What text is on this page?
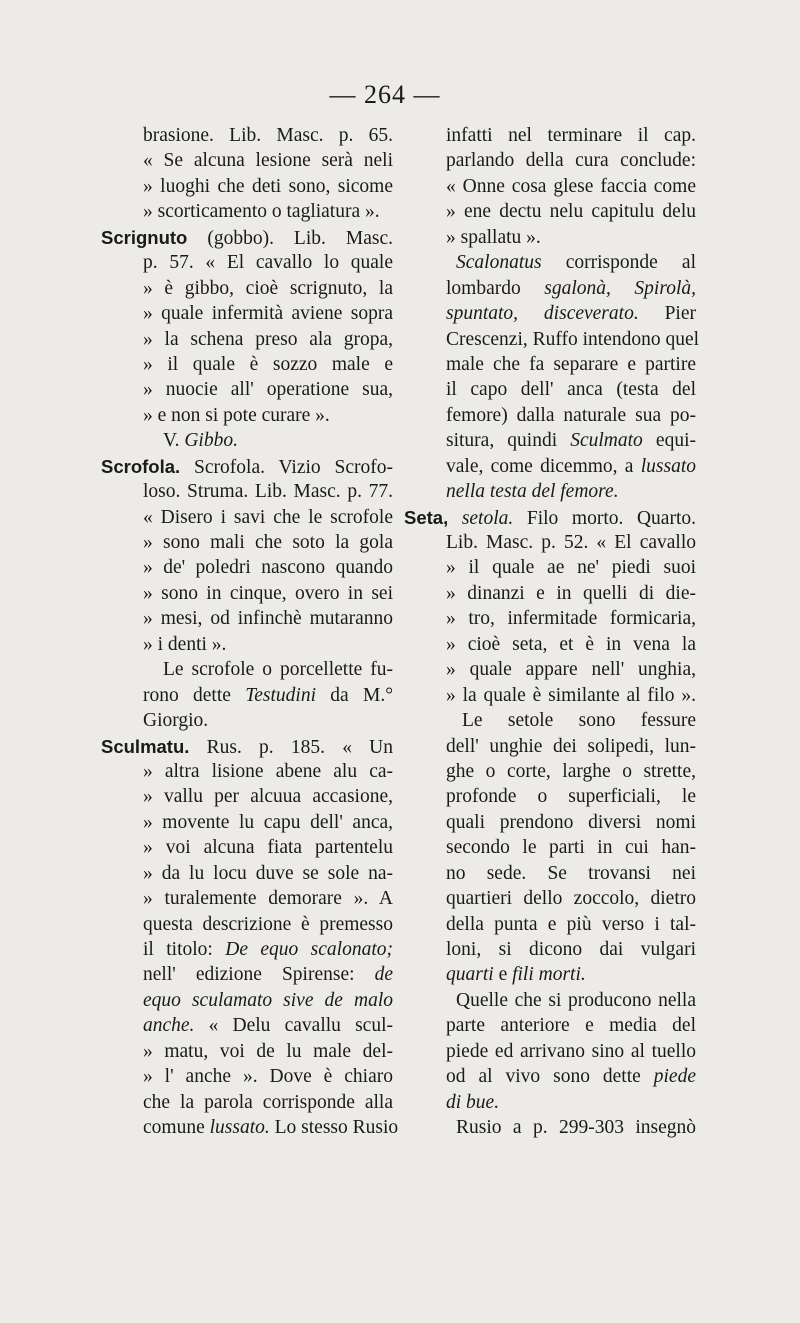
— 264 —
brasione. Lib. Masc. p. 65.
« Se alcuna lesione serà neli
» luoghi che deti sono, sicome
» scorticamento o tagliatura ».
Scrignuto (gobbo). Lib. Masc.
p. 57. « El cavallo lo quale
» è gibbo, cioè scrignuto, la
» quale infermità aviene sopra
» la schena preso ala gropa,
» il quale è sozzo male e
» nuocie all' operatione sua,
» e non si pote curare ».
V. Gibbo.
Scrofola. Scrofola. Vizio Scrofo-
loso. Struma. Lib. Masc. p. 77.
« Disero i savi che le scrofole
» sono mali che soto la gola
» de' poledri nascono quando
» sono in cinque, overo in sei
» mesi, od infinchè mutaranno
» i denti ».
Le scrofole o porcellette fu-
rono dette Testudini da M.°
Giorgio.
Sculmatu. Rus. p. 185. « Un
» altra lisione abene alu ca-
» vallu per alcuua accasione,
» movente lu capu dell' anca,
» voi alcuna fiata partentelu
» da lu locu duve se sole na-
» turalemente demorare ». A
questa descrizione è premesso
il titolo: De equo scalonato;
nell' edizione Spirense: de
equo sculamato sive de malo
anche. « Delu cavallu scul-
» matu, voi de lu male del-
» l' anche ». Dove è chiaro
che la parola corrisponde alla
comune lussato. Lo stesso Rusio
infatti nel terminare il cap.
parlando della cura conclude:
« Onne cosa glese faccia come
» ene dectu nelu capitulu delu
» spallatu ».
Scalonatus corrisponde al
lombardo sgalonà, Spirolà,
spuntato, disceverato. Pier
Crescenzi, Ruffo intendono quel
male che fa separare e partire
il capo dell' anca (testa del
femore) dalla naturale sua po-
situra, quindi Sculmato equi-
vale, come dicemmo, a lussato
nella testa del femore.
Seta, setola. Filo morto. Quarto.
Lib. Masc. p. 52. « El cavallo
» il quale ae ne' piedi suoi
» dinanzi e in quelli di die-
» tro, infermitade formicaria,
» cioè seta, et è in vena la
» quale appare nell' unghia,
» la quale è similante al filo ».
Le setole sono fessure
dell' unghie dei solipedi, lun-
ghe o corte, larghe o strette,
profonde o superficiali, le
quali prendono diversi nomi
secondo le parti in cui han-
no sede. Se trovansi nei
quartieri dello zoccolo, dietro
della punta e più verso i tal-
loni, si dicono dai vulgari
quarti e fili morti.
Quelle che si producono nella
parte anteriore e media del
piede ed arrivano sino al tuello
od al vivo sono dette piede
di bue.
Rusio a p. 299-303 insegnò
